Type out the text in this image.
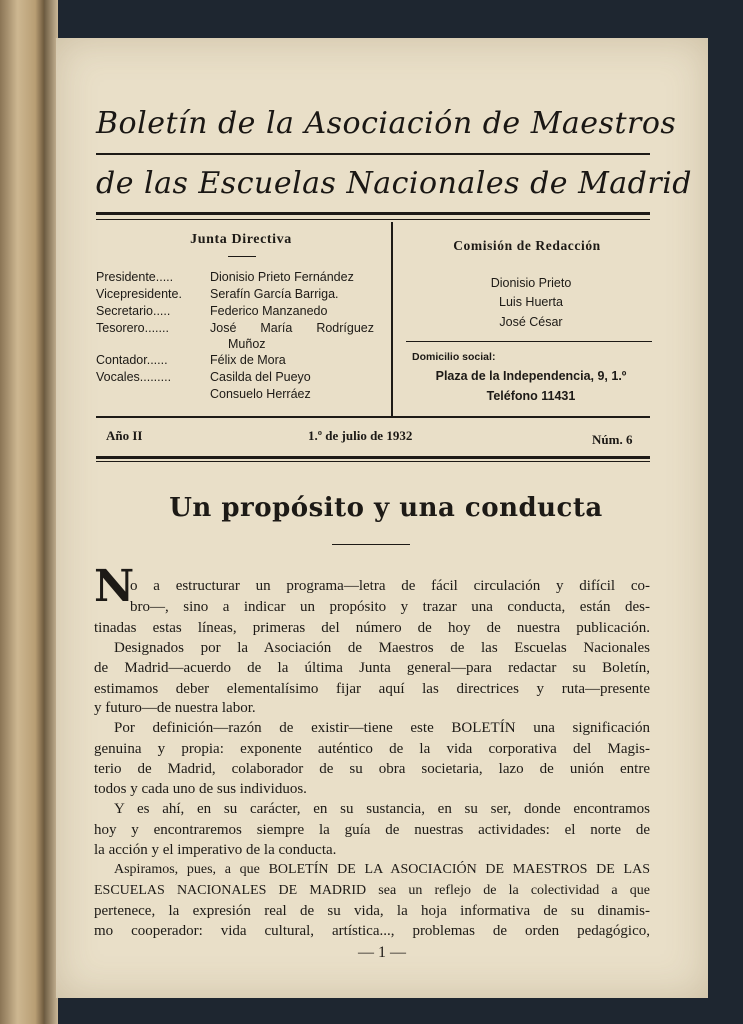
Boletín de la Asociación de Maestros
de las Escuelas Nacionales de Madrid
Junta Directiva
Presidente.....	Dionisio Prieto Fernández
Vicepresidente. Serafín García Barriga.
Secretario.....	Federico Manzanedo
Tesorero.......	José María Rodríguez
Muñoz
Contador......	Félix de Mora
Vocales.........	Casilda del Pueyo
Consuelo Herráez
Comisión de Redacción
Dionisio Prieto
Luis Huerta
José César
Domicilio social:
Plaza de la Independencia, 9, 1.º
Teléfono 11431
Año II	1.º de julio de 1932	Núm. 6
Un propósito y una conducta
N
o a estructurar un programa—letra de fácil circulación y difícil co-
bro—, sino a indicar un propósito y trazar una conducta, están des-
tinadas estas líneas, primeras del número de hoy de nuestra publicación.
Designados por la Asociación de Maestros de las Escuelas Nacionales
de Madrid—acuerdo de la última Junta general—para redactar su Boletín,
estimamos deber elementalísimo fijar aquí las directrices y ruta—presente
y futuro—de nuestra labor.
Por definición—razón de existir—tiene este BOLETÍN una significación
genuina y propia: exponente auténtico de la vida corporativa del Magis-
terio de Madrid, colaborador de su obra societaria, lazo de unión entre
todos y cada uno de sus individuos.
Y es ahí, en su carácter, en su sustancia, en su ser, donde encontramos
hoy y encontraremos siempre la guía de nuestras actividades: el norte de
la acción y el imperativo de la conducta.
Aspiramos, pues, a que BOLETÍN DE LA ASOCIACIÓN DE MAESTROS DE LAS
ESCUELAS NACIONALES DE MADRID sea un reflejo de la colectividad a que
pertenece, la expresión real de su vida, la hoja informativa de su dinamis-
mo cooperador: vida cultural, artística..., problemas de orden pedagógico,
— 1 —
